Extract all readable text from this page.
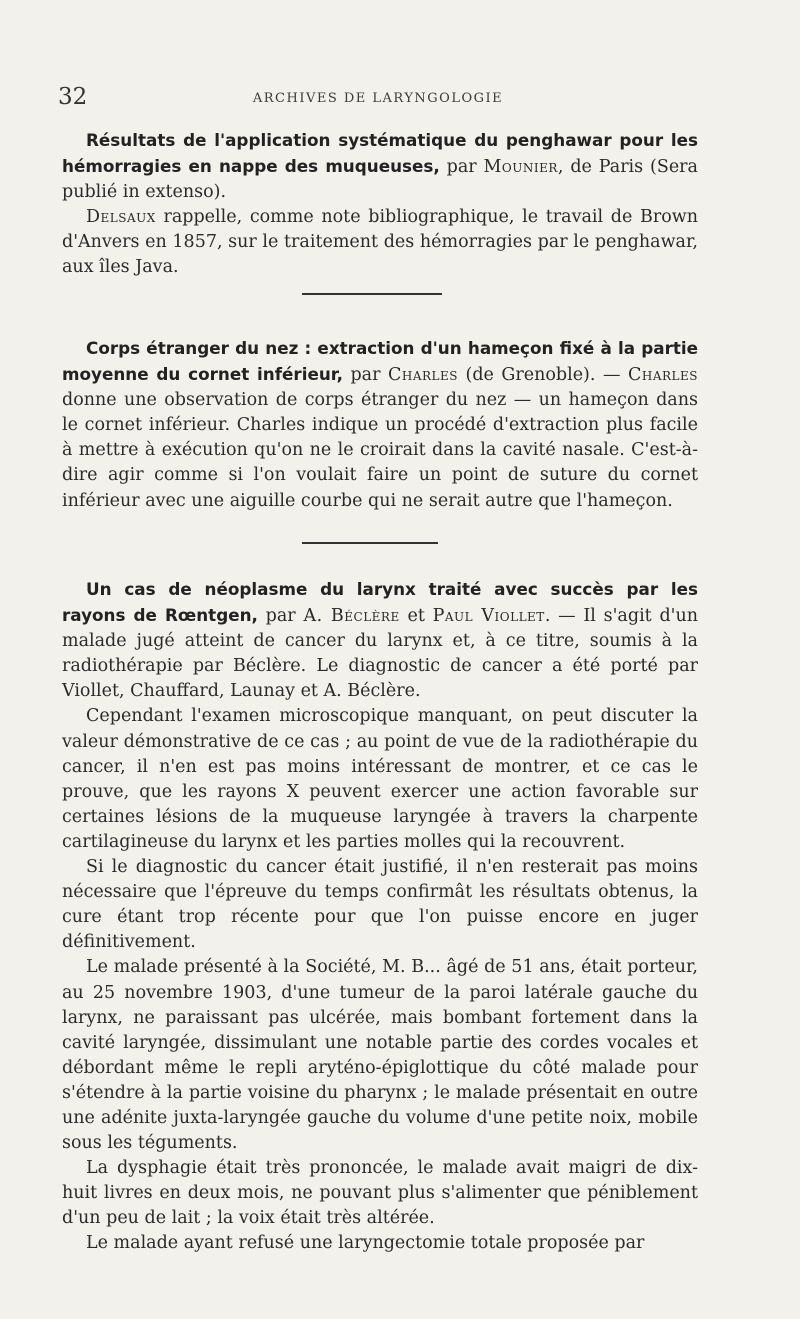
32	ARCHIVES DE LARYNGOLOGIE

Résultats de l'application systématique du penghawar pour les hémorragies en nappe des muqueuses, par Mounier, de Paris (Sera publié in extenso).

Delsaux rappelle, comme note bibliographique, le travail de Brown d'Anvers en 1857, sur le traitement des hémorragies par le penghawar, aux îles Java.

Corps étranger du nez : extraction d'un hameçon fixé à la partie moyenne du cornet inférieur, par Charles (de Grenoble). — Charles donne une observation de corps étranger du nez — un hameçon dans le cornet inférieur. Charles indique un procédé d'extraction plus facile à mettre à exécution qu'on ne le croirait dans la cavité nasale. C'est-à-dire agir comme si l'on voulait faire un point de suture du cornet inférieur avec une aiguille courbe qui ne serait autre que l'hameçon.

Un cas de néoplasme du larynx traité avec succès par les rayons de Rœntgen, par A. Béclère et Paul Viollet. — Il s'agit d'un malade jugé atteint de cancer du larynx et, à ce titre, soumis à la radiothérapie par Béclère. Le diagnostic de cancer a été porté par Viollet, Chauffard, Launay et A. Béclère.

Cependant l'examen microscopique manquant, on peut discuter la valeur démonstrative de ce cas ; au point de vue de la radiothérapie du cancer, il n'en est pas moins intéressant de montrer, et ce cas le prouve, que les rayons X peuvent exercer une action favorable sur certaines lésions de la muqueuse laryngée à travers la charpente cartilagineuse du larynx et les parties molles qui la recouvrent.

Si le diagnostic du cancer était justifié, il n'en resterait pas moins nécessaire que l'épreuve du temps confirmât les résultats obtenus, la cure étant trop récente pour que l'on puisse encore en juger définitivement.

Le malade présenté à la Société, M. B... âgé de 51 ans, était porteur, au 25 novembre 1903, d'une tumeur de la paroi latérale gauche du larynx, ne paraissant pas ulcérée, mais bombant fortement dans la cavité laryngée, dissimulant une notable partie des cordes vocales et débordant même le repli aryténo-épiglottique du côté malade pour s'étendre à la partie voisine du pharynx ; le malade présentait en outre une adénite juxta-laryngée gauche du volume d'une petite noix, mobile sous les téguments.

La dysphagie était très prononcée, le malade avait maigri de dix-huit livres en deux mois, ne pouvant plus s'alimenter que péniblement d'un peu de lait ; la voix était très altérée.

Le malade ayant refusé une laryngectomie totale proposée par
